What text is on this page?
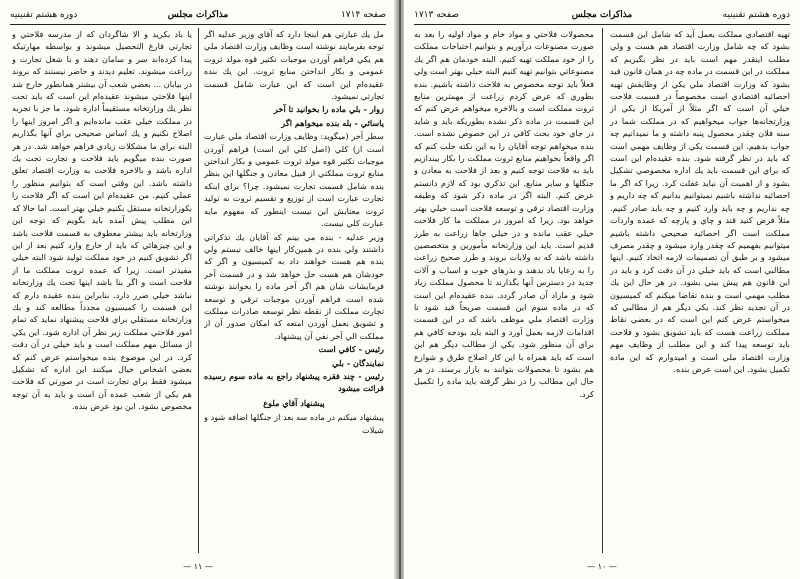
صفحه ۱۷۱۴
مذاكرات مجلس
دوره هشتم تقنينيه

مل يك عبارتي هم اينجا دارد كه آقاي وزير عدليه اگر توجه بفرمايند نوشته است وظايف وزارت اقتصاد ملي هم يكي فراهم آوردن موجبات تكثير قوه مولد ثروت عمومي و بكار انداختن منابع ثروت. اين يك بنده عقيده‌ام اين است كه اين عبارت شامل قسمت تجارتي نميشود.

زوار - بلي ماده را بخوانيد تا آخر

ياسائي - بله بنده ميخواهم اگر

سطر آخر (ميگويد: وظايف وزارت اقتصاد ملي عبارت است از) كلي (اصل كلي اين است) فراهم آوردن موجبات تكثير قوه مولد ثروت عمومي و بكار انداختن منابع ثروت مملكتي از قبيل معادن و جنگلها اين بنظر بنده شامل قسمت تجارت نميشود. چرا؟ براي اينكه تجارت عبارت است از توزيع و تقسيم ثروت نه توليد ثروت معنايش اين نيست اينطور كه مفهوم مايه عبارت كلي نيست.

وزير عدليه - بنده مي بينم كه آقايان يك تذكراتي داشتند ولي بنده در همين‌كار اينها خالف نيستم ولي بنده هم هست خواهند داد به كميسيون و اگر كه خودشان هم هست حل خواهد شد و در قسمت آخر فرمايشات شان هم اگر آخر ماده را بخوانند نوشته شده است فراهم آوردن موجبات ترقي و توسعه تجارت مملكت از نقطه نظر توسعه صادرات مملكت و تشويق بعمل آوردن امتعه كه امكان صدور آن از مملكت الي آخر نفي آن پيشنهاد.

رئيس - كافي است

نمايندگان - بلي

رئيس - چند فقره پيشنهاد راجع به ماده سوم رسيده قرائت ميشود

پيشنهاد آقاي ملوع

پيشنهاد ميكنم در ماده سه بعد از جنگلها اضافه شود و شيلات

يا باد بكريد و الا شاگردان كه از مدرسه فلاحتي و تجارتي فارغ التحصيل ميشوند و بواسطه مهارتيكه پيدا كرده‌اند سر و سامان دهند و با شغل تجارت و زراعت ميشوند. تعليم ديدند و حاضر نيستند كه بروند در بيابان ... بعضي شعب آن بيشتر همانطور خارج شد اينها فلاحتي ميشوند عقيده‌ام اين است كه بايد تحت نظر يك وزارتخانه مستقيماً اداره شود. ما جز با تجربه در مملكت خيلي عقب مانده‌ايم و اگر امروز اينها را اصلاح نكنيم و يك اساس صحيحي براي آنها بگذاريم البته براي ما مشكلات زيادي فراهم خواهد شد. در هر صورت بنده ميگويم بايد فلاحت و تجارت تحت يك اداره باشد و بالاخره فلاحت به وزارت اقتصاد تعلق داشته باشد. اين وقتي است كه بتوانيم منظور را عملي كنيم. من عقيده‌ام اين است كه اگر فلاحت را بكوزارتخانه مستقل بكنيم خيلي بهتر است. اما حالا كه اين مطلب پيش آمده بايد بگويم كه توجه اين وزارتخانه بايد بيشتر معطوف به قسمت فلاحت باشد و اين چيزهائي كه بايد از خارج وارد كنيم بعد از اين اگر تشويق كنيم در خود مملكت توليد شود البته خيلي مفيدتر است. زيرا كه عمده ثروت مملكت ما از فلاحت است و اگر بنا باشد اينها تحت يك وزارتخانه نباشد خيلي ضرر دارد. بنابراين بنده عقيده دارم كه اين قسمت را كميسيون مجدداً مطالعه كند و يك وزارتخانه مستقلي براي فلاحت پيشنهاد نمايد كه تمام امور فلاحتي مملكت زير نظر آن اداره شود. اين يكي از مسائل مهم مملكت است و بايد خيلي در آن دقت كرد. در اين موضوع بنده ميخواستم عرض كنم كه بعضي اشخاص خيال ميكنند اين اداره كه تشكيل ميشود فقط براي تجارت است در صورتي كه فلاحت هم يكي از شعب عمده آن است و بايد به آن توجه مخصوص بشود. اين بود عرض بنده.

— ۱۱ —
دوره هشتم تقنينيه
مذاكرات مجلس
صفحه ۱۷۱۳

تهيه اقتصادي مملكت بعمل آيد كه شامل اين قسمت بشود كه چه شامل وزارت اقتصاد هم هست و ولي مطلب اينقدر مهم است بايد در نظر بگيريم كه مملكت در اين قسمت در ماده چه در همان قانون قيد بشود كه وزارت اقتصاد ملي يكي از وظايفش تهيه احصائيه اقتصادي است مخصوصاً در قسمت فلاحت خيلي آن است كه اگر مثلاً از آمريكا از يكي از وزارتخانه‌ها جواب ميخواهيم كه در مملكت شما در سنه فلان چقدر محصول پنبه داشته و ما نميدانيم چه جواب بدهيم. اين قسمت يكي از وظايف مهمي است كه بايد در نظر گرفته شود. بنده عقيده‌ام اين است كه براي اين قسمت بايد يك اداره مخصوصي تشكيل بشود و از اهميت آن نبايد غفلت كرد. زيرا كه اگر ما احصائيه نداشته باشيم نميتوانيم بدانيم كه چه داريم و چه نداريم و چه بايد وارد كنيم و چه بايد صادر كنيم. مثلاً فرض كنيد قند و چاي و پارچه كه عمده واردات مملكت است اگر احصائيه صحيحي داشته باشيم ميتوانيم بفهميم كه چقدر وارد ميشود و چقدر مصرف ميشود و بر طبق آن تصميمات لازمه اتخاذ كنيم. اينها مطالبي است كه بايد خيلي در آن دقت كرد و بايد در اين قانون هم پيش بيني بشود. در هر حال اين يك مطلب مهمي است و بنده تقاضا ميكنم كه كميسيون در آن تجديد نظر كند. يكي ديگر هم از مطالبي كه ميخواستم عرض كنم اين است كه در بعضي نقاط مملكت زراعت هست كه بايد تشويق بشود و فلاحت بايد توسعه پيدا كند و اين مطلب از وظايف مهم وزارت اقتصاد ملي است و اميدوارم كه اين ماده تكميل بشود. اين است عرض بنده.

محصولات فلاحتي و مواد خام و مواد اوليه را بعد به صورت مصنوعات درآوريم و بتوانيم احتياجات مملكت را از خود مملكت تهيه كنيم. البته خودمان هم اگر يك مصنوعاتي بتوانيم تهيه كنيم البته خيلي بهتر است ولي فعلاً بايد توجه مخصوص به فلاحت داشته باشيم. بنده بطوري كه عرض كردم زراعت از مهمترين منابع ثروت مملكت است و بالاخره ميخواهم عرض كنم كه اين قسمت در ماده ذكر نشده بطوريكه بايد و شايد در جاي خود بحث كافي در اين خصوص نشده است. بنده ميخواهم توجه آقايان را به اين نكته جلب كنم كه اگر واقعاً بخواهيم منابع ثروت مملكت را بكار بيندازيم بايد به فلاحت توجه كنيم و بعد از فلاحت به معادن و جنگلها و ساير منابع. اين تذكري بود كه لازم دانستم عرض كنم. البته اگر در ماده ذكر شود كه وظيفه وزارت اقتصاد ترقي و توسعه فلاحت است خيلي بهتر خواهد بود. زيرا كه امروز در مملكت ما كار فلاحت خيلي عقب مانده و در خيلي جاها زراعت به طرز قديم است. بايد اين وزارتخانه مأمورين و متخصصين داشته باشد كه به ولايات بروند و طرز صحيح زراعت را به رعايا ياد بدهند و بذرهاي خوب و اسباب و آلات جديد در دسترس آنها بگذارند تا محصول مملكت زياد شود و مازاد آن صادر گردد. بنده عقيده‌ام اين است كه در ماده سوم اين قسمت صريحاً قيد شود تا وزارت اقتصاد ملي موظف باشد كه در اين قسمت اقدامات لازمه بعمل آورد و البته بايد بودجه كافي هم براي آن منظور شود. يكي از مطالب ديگر هم اين است كه بايد همراه با اين كار اصلاح طرق و شوارع هم بشود تا محصولات بتوانند به بازار برسند. در هر حال اين مطالب را در نظر گرفته بايد ماده را تكميل كرد.

— ۱۰ —
